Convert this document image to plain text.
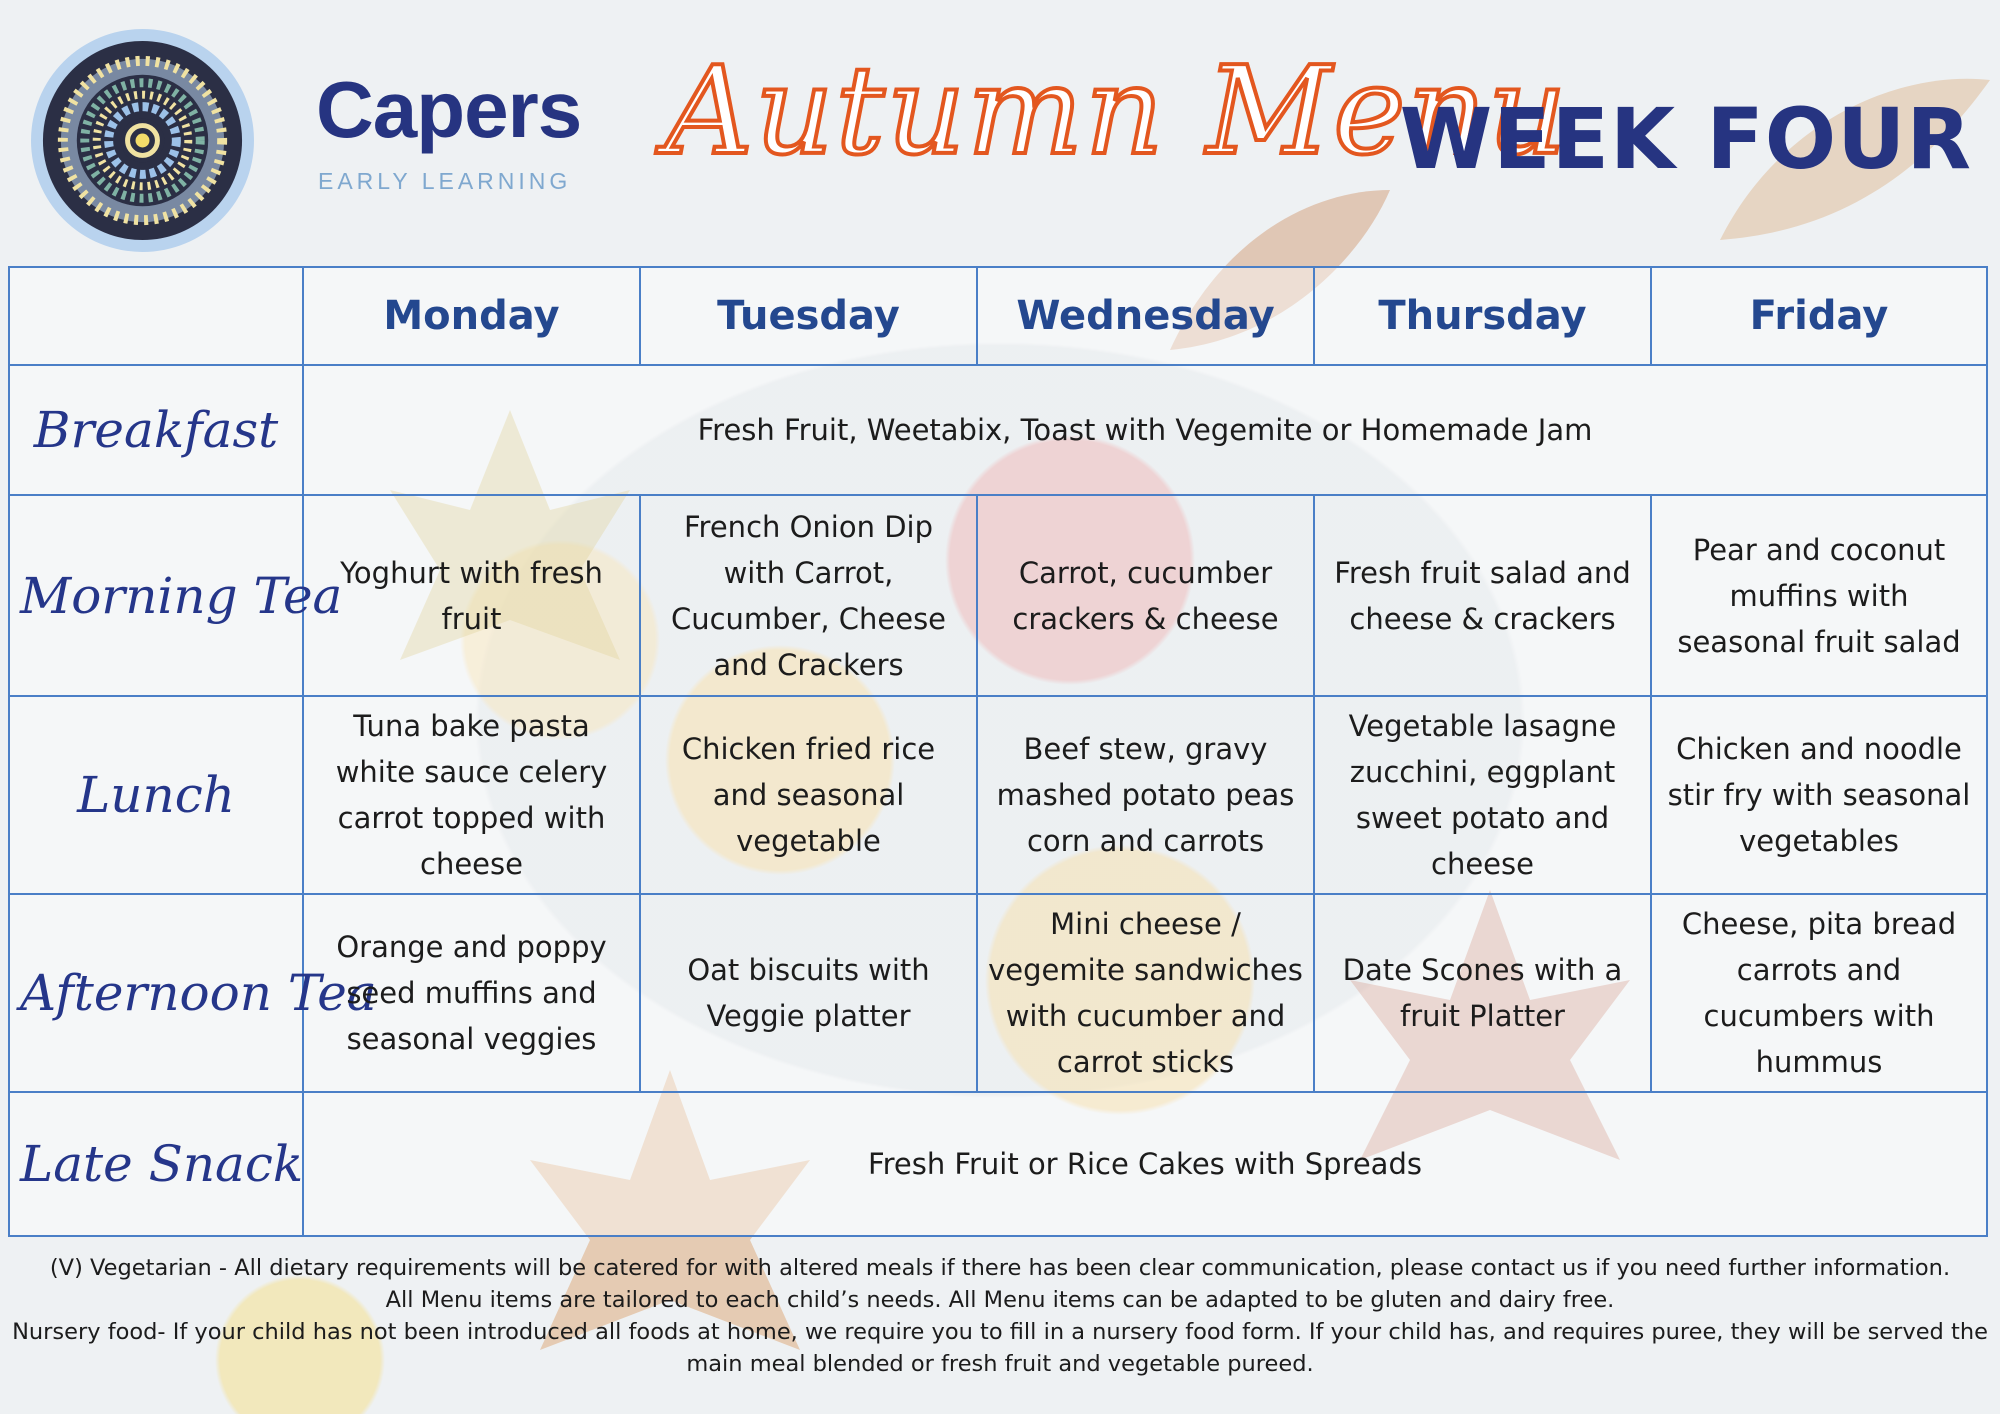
Capers
EARLY LEARNING Autumn Menu
WEEK FOUR
	Monday	Tuesday	Wednesday	Thursday	Friday
Breakfast	Fresh Fruit, Weetabix, Toast with Vegemite or Homemade Jam				
Morning Tea	Yoghurt with fresh fruit	French Onion Dip with Carrot, Cucumber, Cheese and Crackers	Carrot, cucumber crackers & cheese	Fresh fruit salad and cheese & crackers	Pear and coconut muffins with seasonal fruit salad
Lunch	Tuna bake pasta white sauce celery carrot topped with cheese	Chicken fried rice and seasonal vegetable	Beef stew, gravy mashed potato peas corn and carrots	Vegetable lasagne zucchini, eggplant sweet potato and cheese	Chicken and noodle stir fry with seasonal vegetables
Afternoon Tea	Orange and poppy seed muffins and seasonal veggies	Oat biscuits with Veggie platter	Mini cheese / vegemite sandwiches with cucumber and carrot sticks	Date Scones with a fruit Platter	Cheese, pita bread carrots and cucumbers with hummus
Late Snack	Fresh Fruit or Rice Cakes with Spreads				

(V) Vegetarian - All dietary requirements will be catered for with altered meals if there has been clear communication, please contact us if you need further information.

All Menu items are tailored to each child’s needs. All Menu items can be adapted to be gluten and dairy free.

Nursery food- If your child has not been introduced all foods at home, we require you to fill in a nursery food form. If your child has, and requires puree, they will be served the main meal blended or fresh fruit and vegetable pureed.
